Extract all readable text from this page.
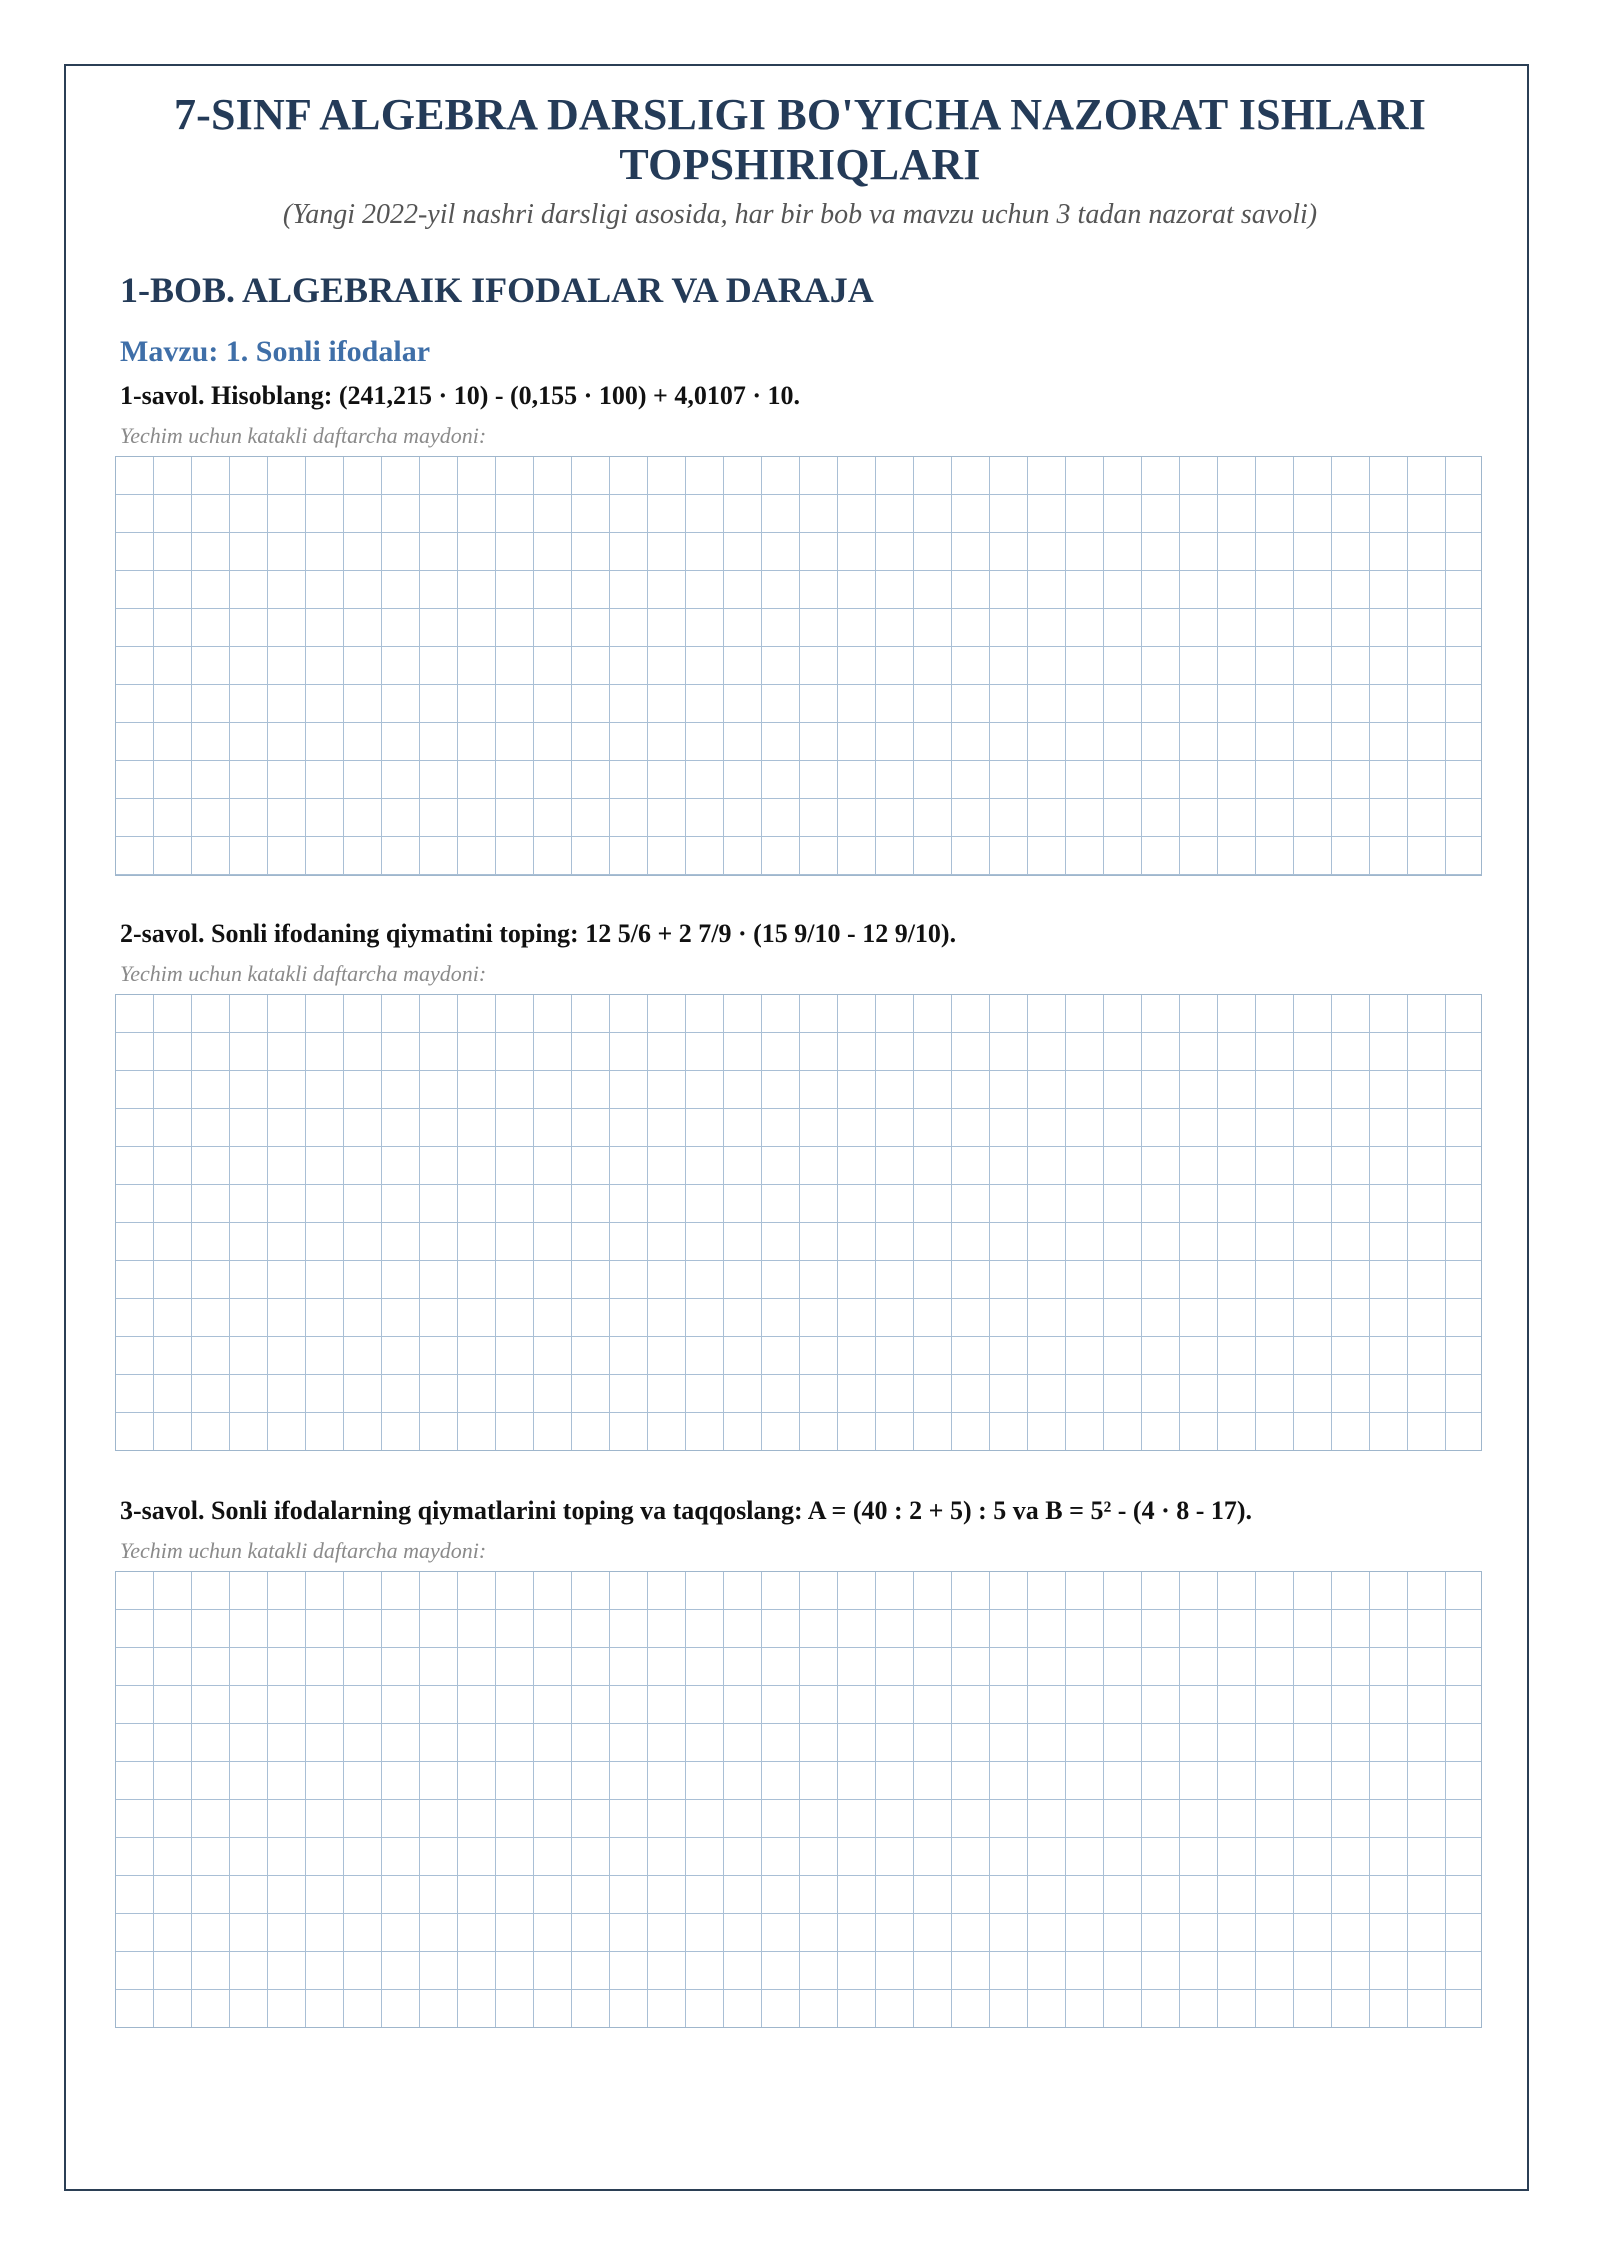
7-SINF ALGEBRA DARSLIGI BO'YICHA NAZORAT ISHLARI
TOPSHIRIQLARI
(Yangi 2022-yil nashri darsligi asosida, har bir bob va mavzu uchun 3 tadan nazorat savoli)
1-BOB. ALGEBRAIK IFODALAR VA DARAJA
Mavzu: 1. Sonli ifodalar
1-savol. Hisoblang: (241,215 · 10) - (0,155 · 100) + 4,0107 · 10.
Yechim uchun katakli daftarcha maydoni:
2-savol. Sonli ifodaning qiymatini toping: 12 5/6 + 2 7/9 · (15 9/10 - 12 9/10).
Yechim uchun katakli daftarcha maydoni:
3-savol. Sonli ifodalarning qiymatlarini toping va taqqoslang: A = (40 : 2 + 5) : 5 va B = 5² - (4 · 8 - 17).
Yechim uchun katakli daftarcha maydoni:
